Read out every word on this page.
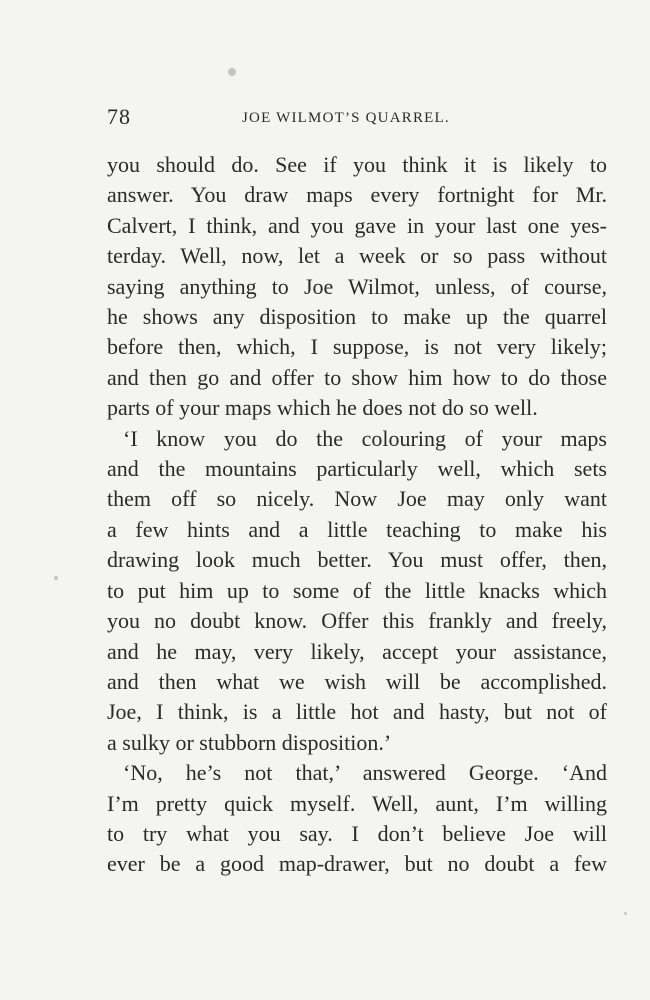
78	JOE WILMOT’S QUARREL.
you should do. See if you think it is likely to
answer. You draw maps every fortnight for Mr.
Calvert, I think, and you gave in your last one yes-
terday. Well, now, let a week or so pass without
saying anything to Joe Wilmot, unless, of course,
he shows any disposition to make up the quarrel
before then, which, I suppose, is not very likely;
and then go and offer to show him how to do those
parts of your maps which he does not do so well.
‘I know you do the colouring of your maps
and the mountains particularly well, which sets
them off so nicely. Now Joe may only want
a few hints and a little teaching to make his
drawing look much better. You must offer, then,
to put him up to some of the little knacks which
you no doubt know. Offer this frankly and freely,
and he may, very likely, accept your assistance,
and then what we wish will be accomplished.
Joe, I think, is a little hot and hasty, but not of
a sulky or stubborn disposition.’
‘No, he’s not that,’ answered George. ‘And
I’m pretty quick myself. Well, aunt, I’m willing
to try what you say. I don’t believe Joe will
ever be a good map-drawer, but no doubt a few
